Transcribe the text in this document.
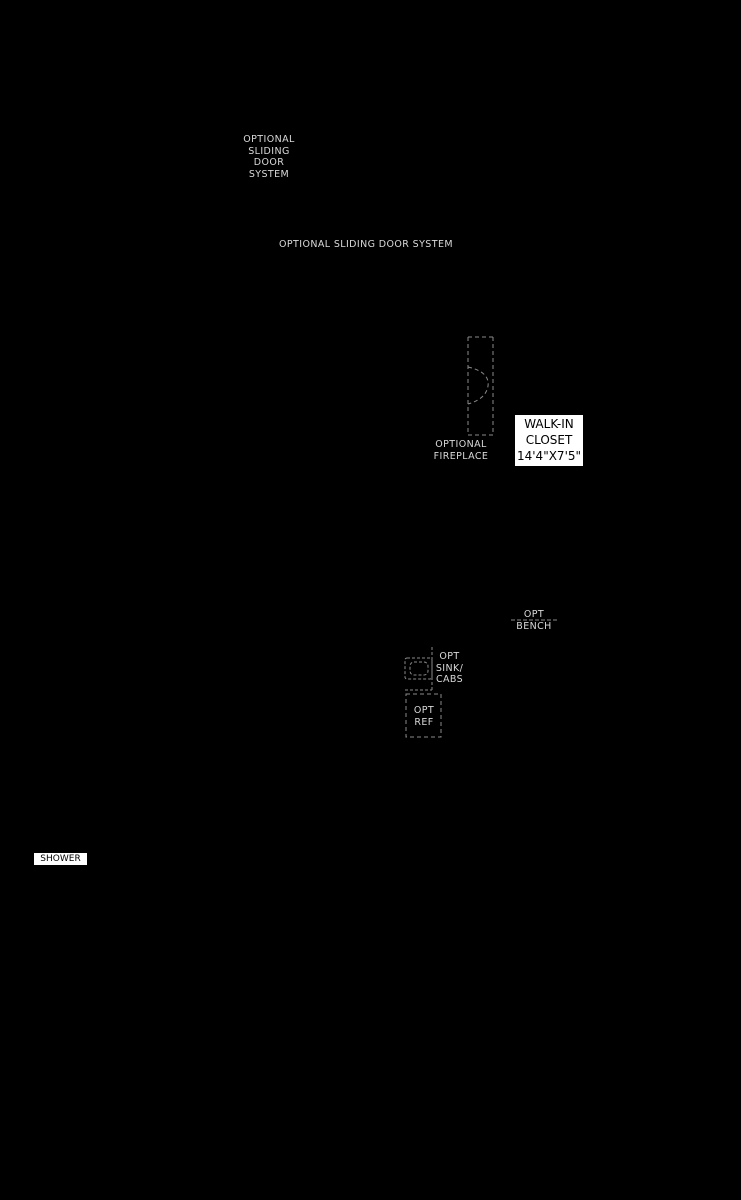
OPTIONAL
SLIDING
DOOR
SYSTEM
OPTIONAL SLIDING DOOR SYSTEM
OPTIONAL
FIREPLACE
WALK-IN
CLOSET
14'4"X7'5"
OPT
BENCH
OPT
SINK/
CABS
OPT
REF
SHOWER
